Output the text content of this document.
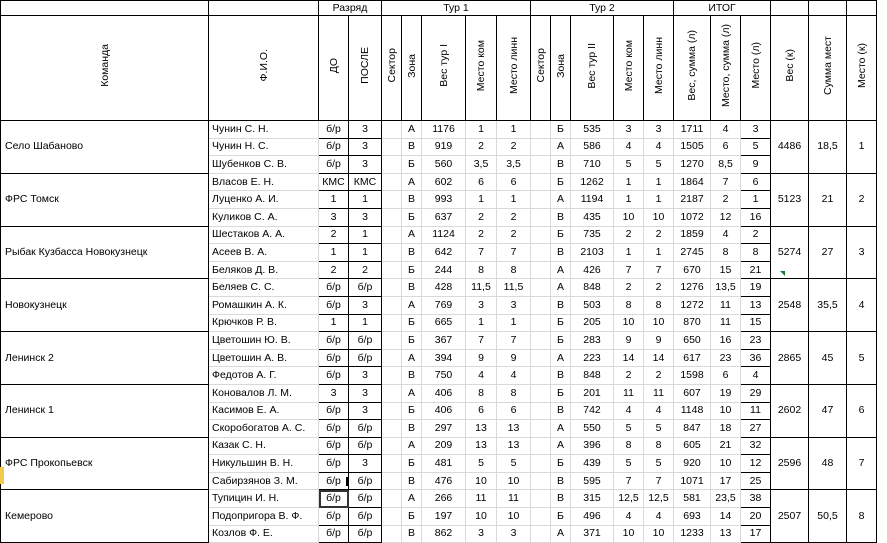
		Разряд		Тур 1					Тур 2					ИТОГ					
Команда	Ф.И.О.	ДО	ПОСЛЕ	Сектор	Зона	Вес тур I	Место ком	Место линн	Сектор	Зона	Вес тур II	Место ком	Место линн	Вес, сумма (л)	Место, сумма (л)	Место (л)	Вес (к)	Сумма мест	Место (к)
Село Шабаново	Чунин С. Н.	б/р	3		А	1176	1	1		Б	535	3	3	1711	4	3	4486	18,5	1
	Чунин Н. С.	б/р	3		В	919	2	2		А	586	4	4	1505	6	5			
	Шубенков С. В.	б/р	3		Б	560	3,5	3,5		В	710	5	5	1270	8,5	9			
ФРС Томск	Власов Е. Н.	КМС	КМС		А	602	6	6		Б	1262	1	1	1864	7	6	5123	21	2
	Луценко А. И.	1	1		В	993	1	1		А	1194	1	1	2187	2	1			
	Куликов С. А.	3	3		Б	637	2	2		В	435	10	10	1072	12	16			
Рыбак Кузбасса Новокузнецк	Шестаков А. А.	2	1		А	1124	2	2		Б	735	2	2	1859	4	2	5274	27	3
	Асеев В. А.	1	1		В	642	7	7		В	2103	1	1	2745	8	8			
	Беляков Д. В.	2	2		Б	244	8	8		А	426	7	7	670	15	21			
Новокузнецк	Беляев С. С.	б/р	б/р		В	428	11,5	11,5		А	848	2	2	1276	13,5	19	2548	35,5	4
	Ромашкин А. К.	б/р	3		А	769	3	3		В	503	8	8	1272	11	13			
	Крючков Р. В.	1	1		Б	665	1	1		Б	205	10	10	870	11	15			
Ленинск 2	Цветошин Ю. В.	б/р	б/р		Б	367	7	7		Б	283	9	9	650	16	23	2865	45	5
	Цветошин А. В.	б/р	б/р		А	394	9	9		А	223	14	14	617	23	36			
	Федотов А. Г.	б/р	3		В	750	4	4		В	848	2	2	1598	6	4			
Ленинск 1	Коновалов Л. М.	3	3		А	406	8	8		Б	201	11	11	607	19	29	2602	47	6
	Касимов Е. А.	б/р	3		Б	406	6	6		В	742	4	4	1148	10	11			
	Скоробогатов А. С.	б/р	б/р		В	297	13	13		А	550	5	5	847	18	27			
ФРС Прокопьевск	Казак С. Н.	б/р	б/р		А	209	13	13		А	396	8	8	605	21	32	2596	48	7
	Никульшин В. Н.	б/р	3		Б	481	5	5		Б	439	5	5	920	10	12			
	Сабирзянов З. М.	б/р	б/р		В	476	10	10		В	595	7	7	1071	17	25			
Кемерово	Тупицин И. Н.	б/р	б/р		А	266	11	11		В	315	12,5	12,5	581	23,5	38	2507	50,5	8
	Подопригора В. Ф.	б/р	б/р		Б	197	10	10		Б	496	4	4	693	14	20			
	Козлов Ф. Е.	б/р	б/р		В	862	3	3		А	371	10	10	1233	13	17			
